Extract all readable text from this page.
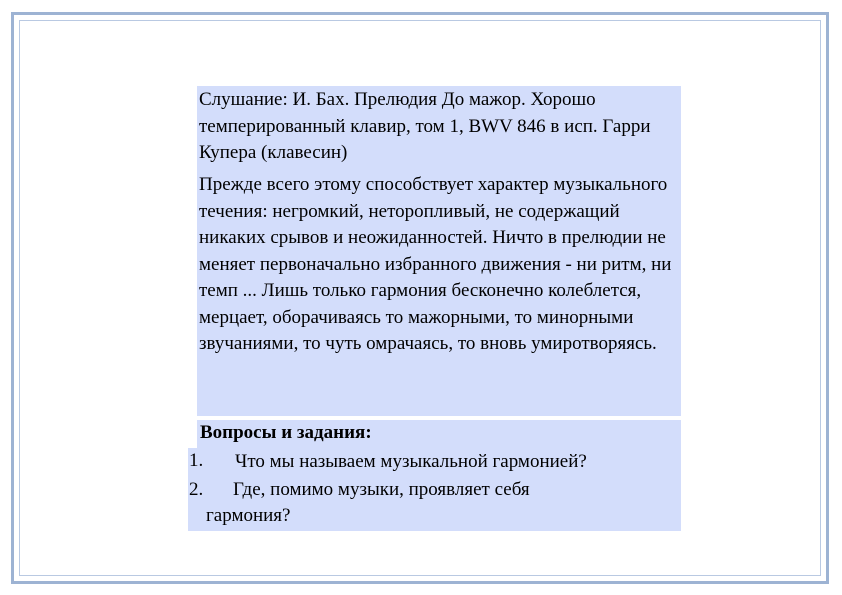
Слушание: И. Бах. Прелюдия До мажор. Хорошо темперированный клавир, том 1, BWV 846 в исп. Гарри Купера (клавесин)

Прежде всего этому способствует характер музыкального течения: негромкий, неторопливый, не содержащий никаких срывов и неожиданностей. Ничто в прелюдии не меняет первоначально избранного движения - ни ритм, ни темп ... Лишь только гармония бесконечно колеблется, мерцает, оборачиваясь то мажорными, то минорными звучаниями, то чуть омрачаясь, то вновь умиротворяясь.

Вопросы и задания:
1.	Что мы называем музыкальной гармонией?
2.	Где, помимо музыки, проявляет себя
гармония?
